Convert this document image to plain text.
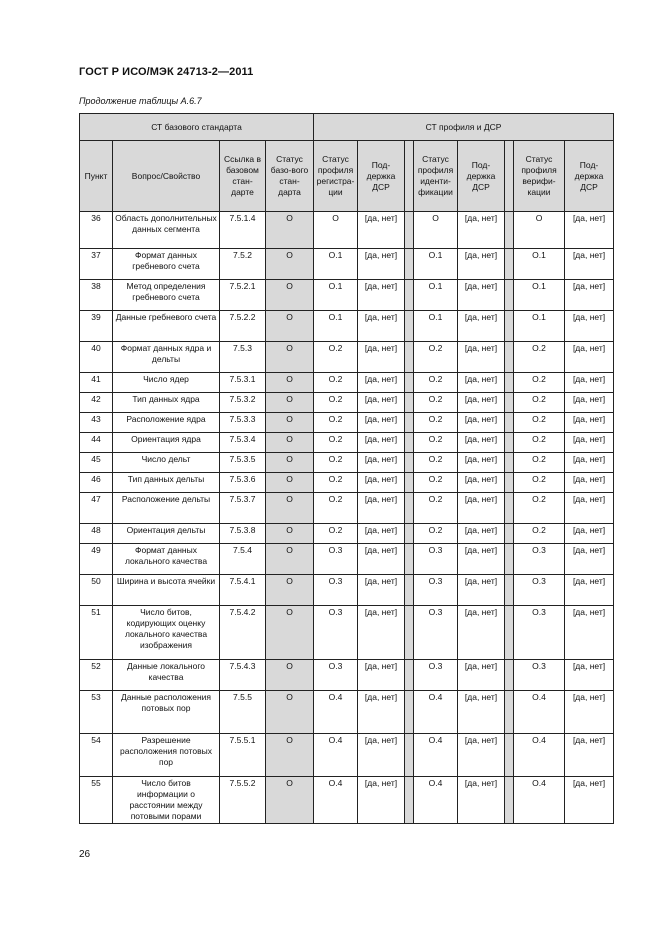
ГОСТ Р ИСО/МЭК 24713-2—2011
Продолжение таблицы А.6.7
СТ базового стандарта				СТ профиля и ДСР							
Пункт	Вопрос/Свойство	Ссылка в базовом стан-дарте	Статус базо-вого стан-дарта	Статус профиля регистра-ции	Под-держка ДСР		Статус профиля иденти-фикации	Под-держка ДСР		Статус профиля верифи-кации	Под-держка ДСР
36	Область дополнительных данных сегмента	7.5.1.4	О	О	[да, нет]		О	[да, нет]		О	[да, нет]
37	Формат данных гребневого счета	7.5.2	О	О.1	[да, нет]		О.1	[да, нет]		О.1	[да, нет]
38	Метод определения гребневого счета	7.5.2.1	О	О.1	[да, нет]		О.1	[да, нет]		О.1	[да, нет]
39	Данные гребневого счета	7.5.2.2	О	О.1	[да, нет]		О.1	[да, нет]		О.1	[да, нет]
40	Формат данных ядра и дельты	7.5.3	О	О.2	[да, нет]		О.2	[да, нет]		О.2	[да, нет]
41	Число ядер	7.5.3.1	О	О.2	[да, нет]		О.2	[да, нет]		О.2	[да, нет]
42	Тип данных ядра	7.5.3.2	О	О.2	[да, нет]		О.2	[да, нет]		О.2	[да, нет]
43	Расположение ядра	7.5.3.3	О	О.2	[да, нет]		О.2	[да, нет]		О.2	[да, нет]
44	Ориентация ядра	7.5.3.4	О	О.2	[да, нет]		О.2	[да, нет]		О.2	[да, нет]
45	Число дельт	7.5.3.5	О	О.2	[да, нет]		О.2	[да, нет]		О.2	[да, нет]
46	Тип данных дельты	7.5.3.6	О	О.2	[да, нет]		О.2	[да, нет]		О.2	[да, нет]
47	Расположение дельты	7.5.3.7	О	О.2	[да, нет]		О.2	[да, нет]		О.2	[да, нет]
48	Ориентация дельты	7.5.3.8	О	О.2	[да, нет]		О.2	[да, нет]		О.2	[да, нет]
49	Формат данных локального качества	7.5.4	О	О.3	[да, нет]		О.3	[да, нет]		О.3	[да, нет]
50	Ширина и высота ячейки	7.5.4.1	О	О.3	[да, нет]		О.3	[да, нет]		О.3	[да, нет]
51	Число битов, кодирующих оценку локального качества изображения	7.5.4.2	О	О.3	[да, нет]		О.3	[да, нет]		О.3	[да, нет]
52	Данные локального качества	7.5.4.3	О	О.3	[да, нет]		О.3	[да, нет]		О.3	[да, нет]
53	Данные расположения потовых пор	7.5.5	О	О.4	[да, нет]		О.4	[да, нет]		О.4	[да, нет]
54	Разрешение расположения потовых пор	7.5.5.1	О	О.4	[да, нет]		О.4	[да, нет]		О.4	[да, нет]
55	Число битов информации о расстоянии между потовыми порами	7.5.5.2	О	О.4	[да, нет]		О.4	[да, нет]		О.4	[да, нет]
26
